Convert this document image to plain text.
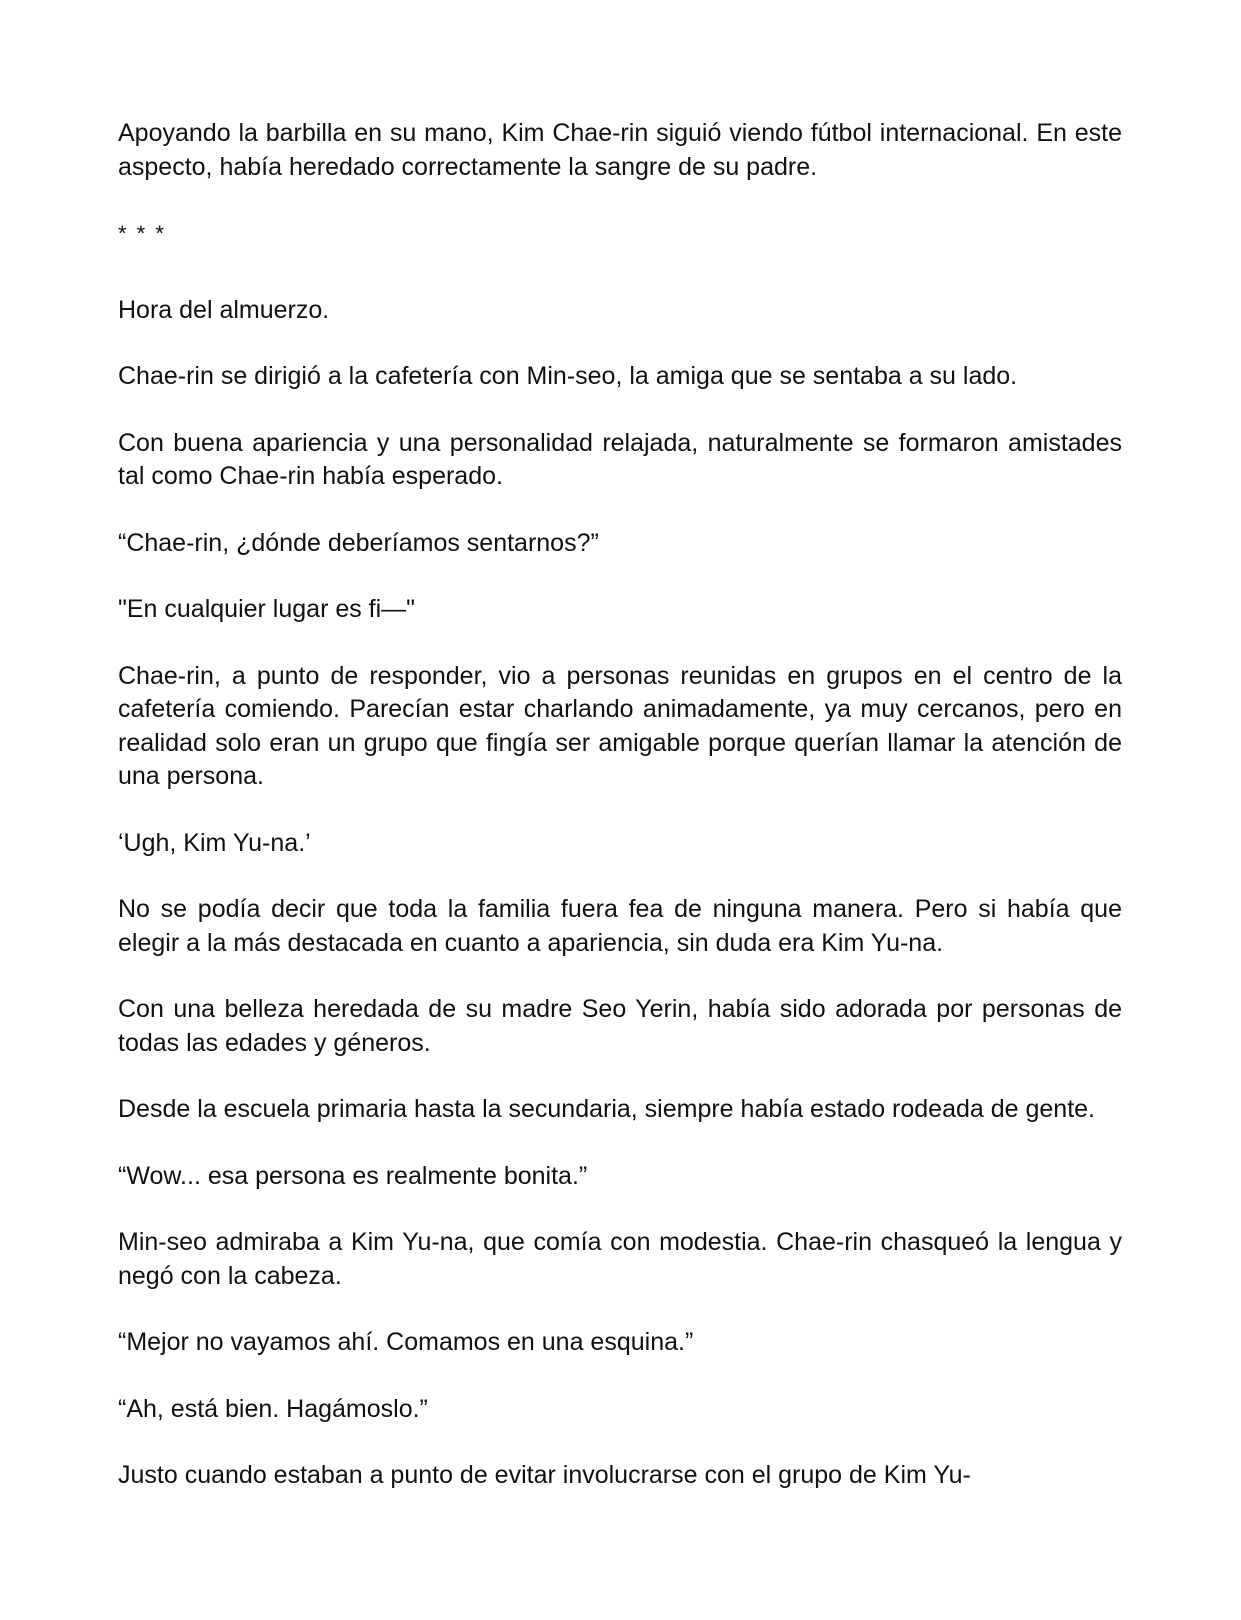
Apoyando la barbilla en su mano, Kim Chae-rin siguió viendo fútbol internacional. En este aspecto, había heredado correctamente la sangre de su padre.

* * *

Hora del almuerzo.

Chae-rin se dirigió a la cafetería con Min-seo, la amiga que se sentaba a su lado.

Con buena apariencia y una personalidad relajada, naturalmente se formaron amistades tal como Chae-rin había esperado.

“Chae-rin, ¿dónde deberíamos sentarnos?”

"En cualquier lugar es fi—"

Chae-rin, a punto de responder, vio a personas reunidas en grupos en el centro de la cafetería comiendo. Parecían estar charlando animadamente, ya muy cercanos, pero en realidad solo eran un grupo que fingía ser amigable porque querían llamar la atención de una persona.

‘Ugh, Kim Yu-na.’

No se podía decir que toda la familia fuera fea de ninguna manera. Pero si había que elegir a la más destacada en cuanto a apariencia, sin duda era Kim Yu-na.

Con una belleza heredada de su madre Seo Yerin, había sido adorada por personas de todas las edades y géneros.

Desde la escuela primaria hasta la secundaria, siempre había estado rodeada de gente.

“Wow... esa persona es realmente bonita.”

Min-seo admiraba a Kim Yu-na, que comía con modestia. Chae-rin chasqueó la lengua y negó con la cabeza.

“Mejor no vayamos ahí. Comamos en una esquina.”

“Ah, está bien. Hagámoslo.”

Justo cuando estaban a punto de evitar involucrarse con el grupo de Kim Yu-
